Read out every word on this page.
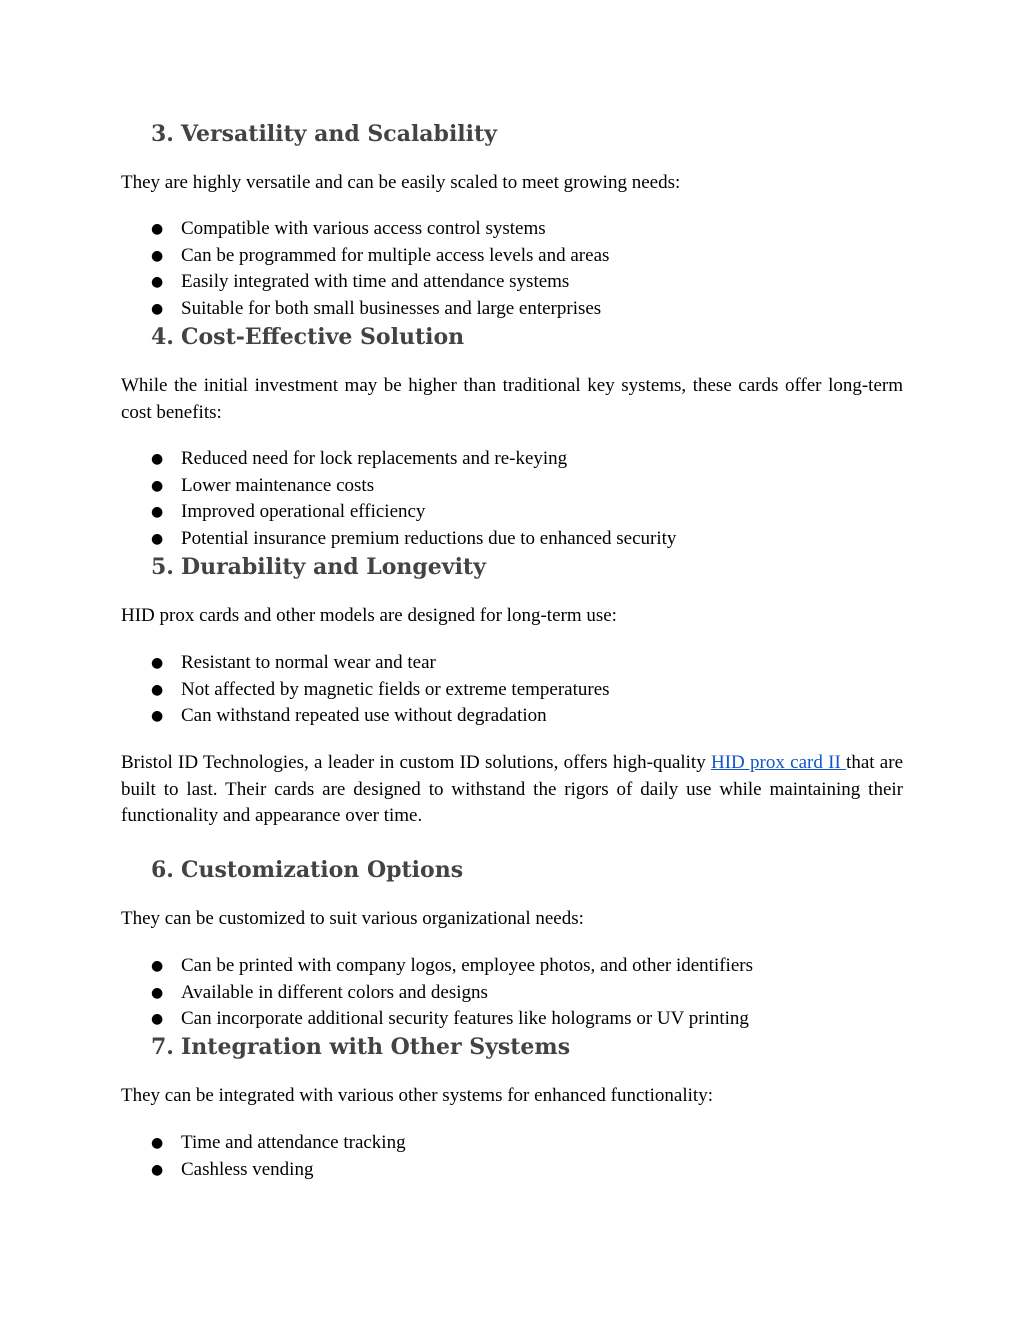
3. Versatility and Scalability

They are highly versatile and can be easily scaled to meet growing needs:

● Compatible with various access control systems
● Can be programmed for multiple access levels and areas
● Easily integrated with time and attendance systems
● Suitable for both small businesses and large enterprises
4. Cost-Effective Solution

While the initial investment may be higher than traditional key systems, these cards offer long-term cost benefits:

● Reduced need for lock replacements and re-keying
● Lower maintenance costs
● Improved operational efficiency
● Potential insurance premium reductions due to enhanced security
5. Durability and Longevity

HID prox cards and other models are designed for long-term use:

● Resistant to normal wear and tear
● Not affected by magnetic fields or extreme temperatures
● Can withstand repeated use without degradation

Bristol ID Technologies, a leader in custom ID solutions, offers high-quality HID prox card II that are built to last. Their cards are designed to withstand the rigors of daily use while maintaining their functionality and appearance over time.

6. Customization Options

They can be customized to suit various organizational needs:

● Can be printed with company logos, employee photos, and other identifiers
● Available in different colors and designs
● Can incorporate additional security features like holograms or UV printing
7. Integration with Other Systems

They can be integrated with various other systems for enhanced functionality:

● Time and attendance tracking
● Cashless vending
